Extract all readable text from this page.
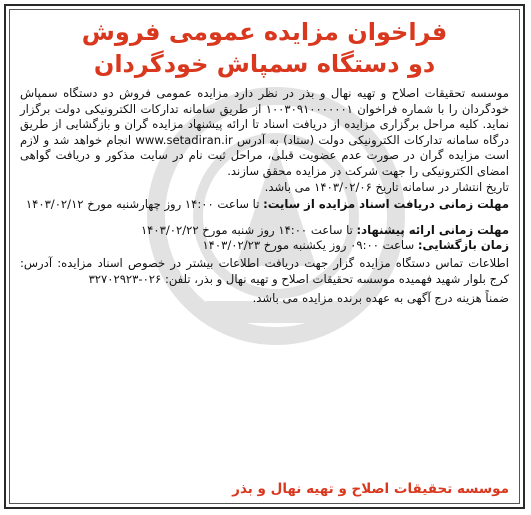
فراخوان مزایده عمومی فروش
دو دستگاه سمپاش خودگردان

موسسه تحقیقات اصلاح و تهیه نهال و بذر در نظر دارد مزایده عمومی فروش دو دستگاه سمپاش خودگردان را با شماره فراخوان ۱۰۰۳۰۹۱۰۰۰۰۰۰۱ از طریق سامانه تدارکات الکترونیکی دولت برگزار نماید. کلیه مراحل برگزاری مزایده از دریافت اسناد تا ارائه پیشنهاد مزایده گران و بازگشایی از طریق درگاه سامانه تدارکات الکترونیکی دولت (ستاد) به آدرس www.setadiran.ir انجام خواهد شد و لازم است مزایده گران در صورت عدم عضویت قبلی، مراحل ثبت نام در سایت مذکور و دریافت گواهی امضای الکترونیکی را جهت شرکت در مزایده محقق سازند.

تاریخ انتشار در سامانه تاریخ ۱۴۰۳/۰۲/۰۶ می باشد.

مهلت زمانی دریافت اسناد مزایده از سایت: تا ساعت ۱۴:۰۰ روز چهارشنبه مورخ ۱۴۰۳/۰۲/۱۲

مهلت زمانی ارائه پیشنهاد: تا ساعت ۱۴:۰۰ روز شنبه مورخ ۱۴۰۳/۰۲/۲۲

زمان بازگشایی: ساعت ۰۹:۰۰ روز یکشنبه مورخ ۱۴۰۳/۰۲/۲۳

اطلاعات تماس دستگاه مزایده گزار جهت دریافت اطلاعات بیشتر در خصوص اسناد مزایده: آدرس: کرج بلوار شهید فهمیده موسسه تحقیقات اصلاح و تهیه نهال و بذر، تلفن: ۰۲۶-۳۲۷۰۲۹۲۳

ضمناً هزینه درج آگهی به عهده برنده مزایده می باشد.

موسسه تحقیقات اصلاح و تهیه نهال و بذر
